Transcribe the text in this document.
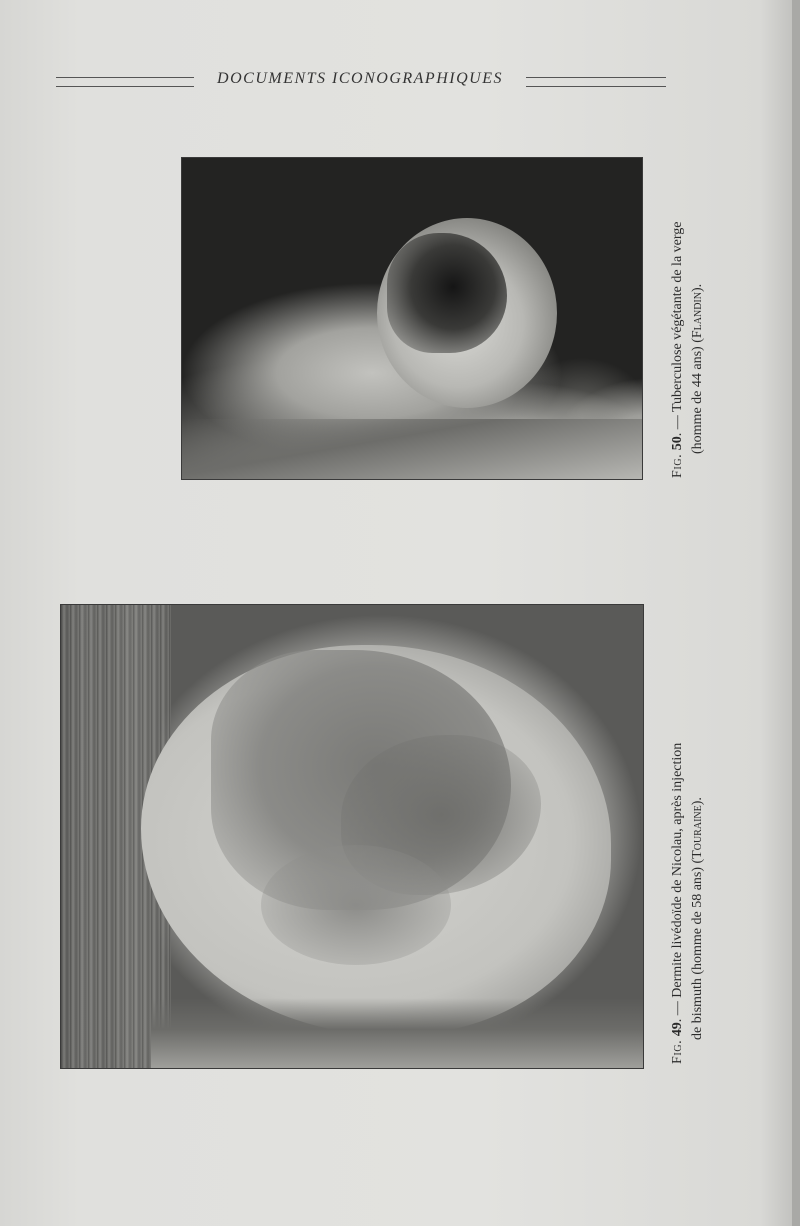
DOCUMENTS ICONOGRAPHIQUES
Fig. 50. — Tuberculose végétante de la verge (homme de 44 ans) (Flandin).
Fig. 49. — Dermite livédoïde de Nicolau, après injection de bismuth (homme de 58 ans) (Touraine).
